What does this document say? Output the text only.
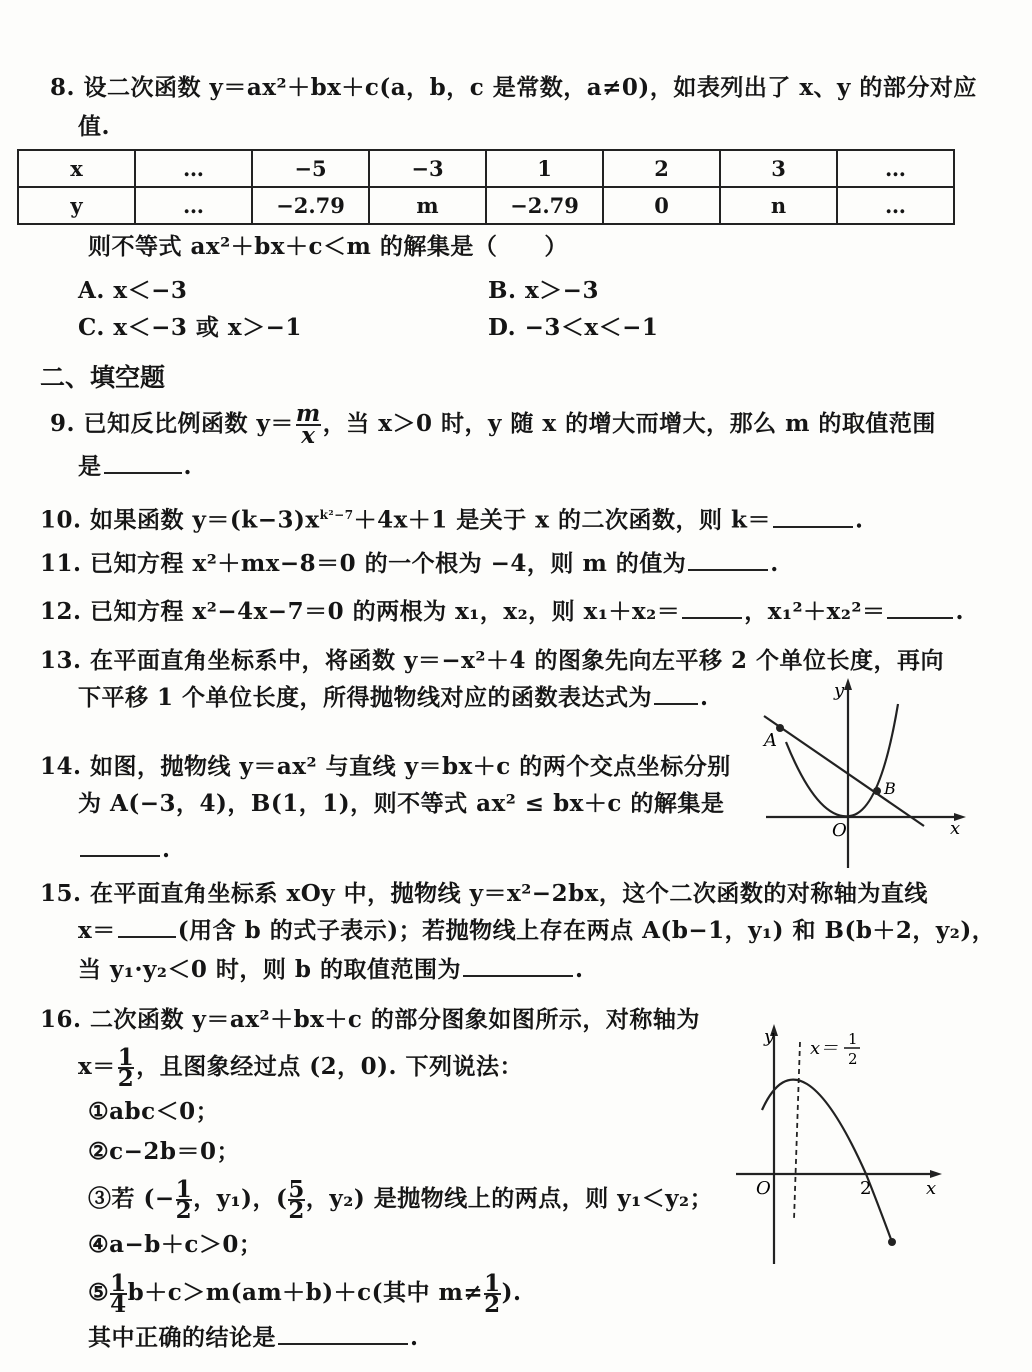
8. 设二次函数 y＝ax²＋bx＋c(a，b，c 是常数，a≠0)，如表列出了 x、y 的部分对应
值.
x	…	−5	−3	1	2	3	…
y	…	−2.79	m	−2.79	0	n	…
则不等式 ax²＋bx＋c＜m 的解集是（　　）
A. x＜−3	B. x＞−3
C. x＜−3 或 x＞−1	D. −3＜x＜−1
二、填空题
9. 已知反比例函数 $y= \frac{m}{x}$ ，当 x＞0 时，y 随 x 的增大而增大，那么 m 的取值范围
是	.
10. 如果函数 $y=(k-3)x^{k^2-7}+4x+1$ 是关于 x 的二次函数，则 k＝	.
11. 已知方程 x²＋mx−8＝0 的一个根为 −4，则 m 的值为	.
12. 已知方程 x²−4x−7＝0 的两根为 x₁，x₂，则 x₁＋x₂＝	，x₁²＋x₂²＝	.
13. 在平面直角坐标系中，将函数 y＝−x²＋4 的图象先向左平移 2 个单位长度，再向
下平移 1 个单位长度，所得抛物线对应的函数表达式为 .
14. 如图，抛物线 y＝ax² 与直线 y＝bx＋c 的两个交点坐标分别
为 A(−3，4)，B(1，1)，则不等式 ax² ≤ bx＋c 的解集是
.
A
B
y
x
O
15. 在平面直角坐标系 xOy 中，抛物线 y＝x²−2bx，这个二次函数的对称轴为直线
x＝	(用含 b 的式子表示)；若抛物线上存在两点 A(b−1，y₁) 和 B(b＋2，y₂)，
当 y₁·y₂＜0 时，则 b 的取值范围为	.
16. 二次函数 y＝ax²＋bx＋c 的部分图象如图所示，对称轴为
$x= \frac{1}{2}$ ，且图象经过点 (2，0). 下列说法：
①abc＜0；
②c−2b＝0；
③若 (− $\frac{1}{2}$ ，y₁)，( $\frac{5}{2}$ ，y₂) 是抛物线上的两点，则 y₁＜y₂；
④a−b＋c＞0；
⑤ $\frac{1}{4} b+c>m(am+b)+c$(其中 $m\ne \frac{1}{2}$ ).
其中正确的结论是	.
y
x
O	2
x＝ 1
2
